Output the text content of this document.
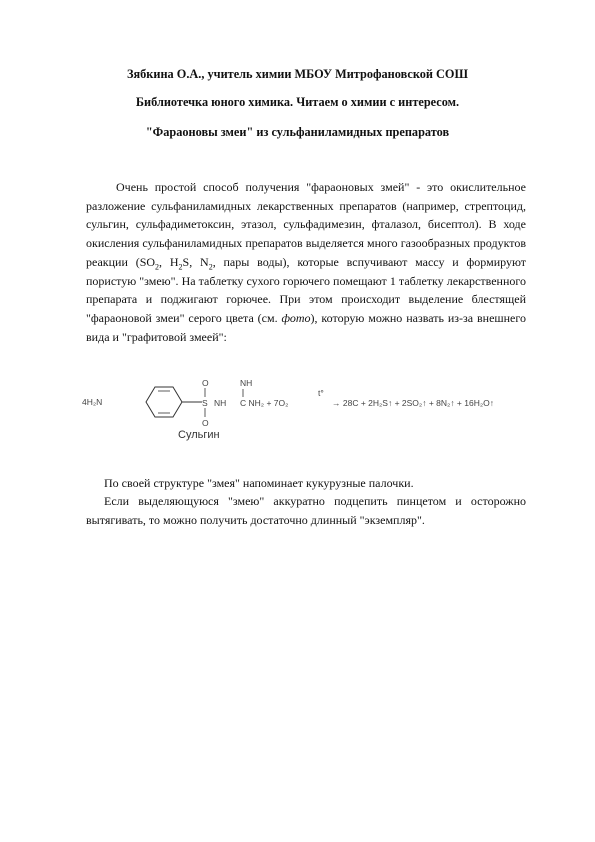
Зябкина О.А., учитель химии МБОУ Митрофановской СОШ
Библиотечка юного химика. Читаем о химии с интересом.
"Фараоновы змеи" из сульфаниламидных препаратов
Очень простой способ получения "фараоновых змей" - это окислительное разложение сульфаниламидных лекарственных препаратов (например, стрептоцид, сульгин, сульфадиметоксин, этазол, сульфадимезин, фталазол, бисептол). В ходе окисления сульфаниламидных препаратов выделяется много газообразных продуктов реакции ($SO_2$, $H_2S$, $N_2$, пары воды), которые вспучивают массу и формируют пористую "змею". На таблетку сухого горючего помещают 1 таблетку лекарственного препарата и поджигают горючее. При этом происходит выделение блестящей "фараоновой змеи" серого цвета (см. фото), которую можно назвать из-за внешнего вида и "графитовой змеей":
4H₂N
O
S
O
NH
NH
C NH₂ + 7O₂
t°
→ 28C + 2H₂S↑ + 2SO₂↑ + 8N₂↑ + 16H₂O↑
Сульгин
По своей структуре "змея" напоминает кукурузные палочки.
Если выделяющуюся "змею" аккуратно подцепить пинцетом и осторожно вытягивать, то можно получить достаточно длинный "экземпляр".
